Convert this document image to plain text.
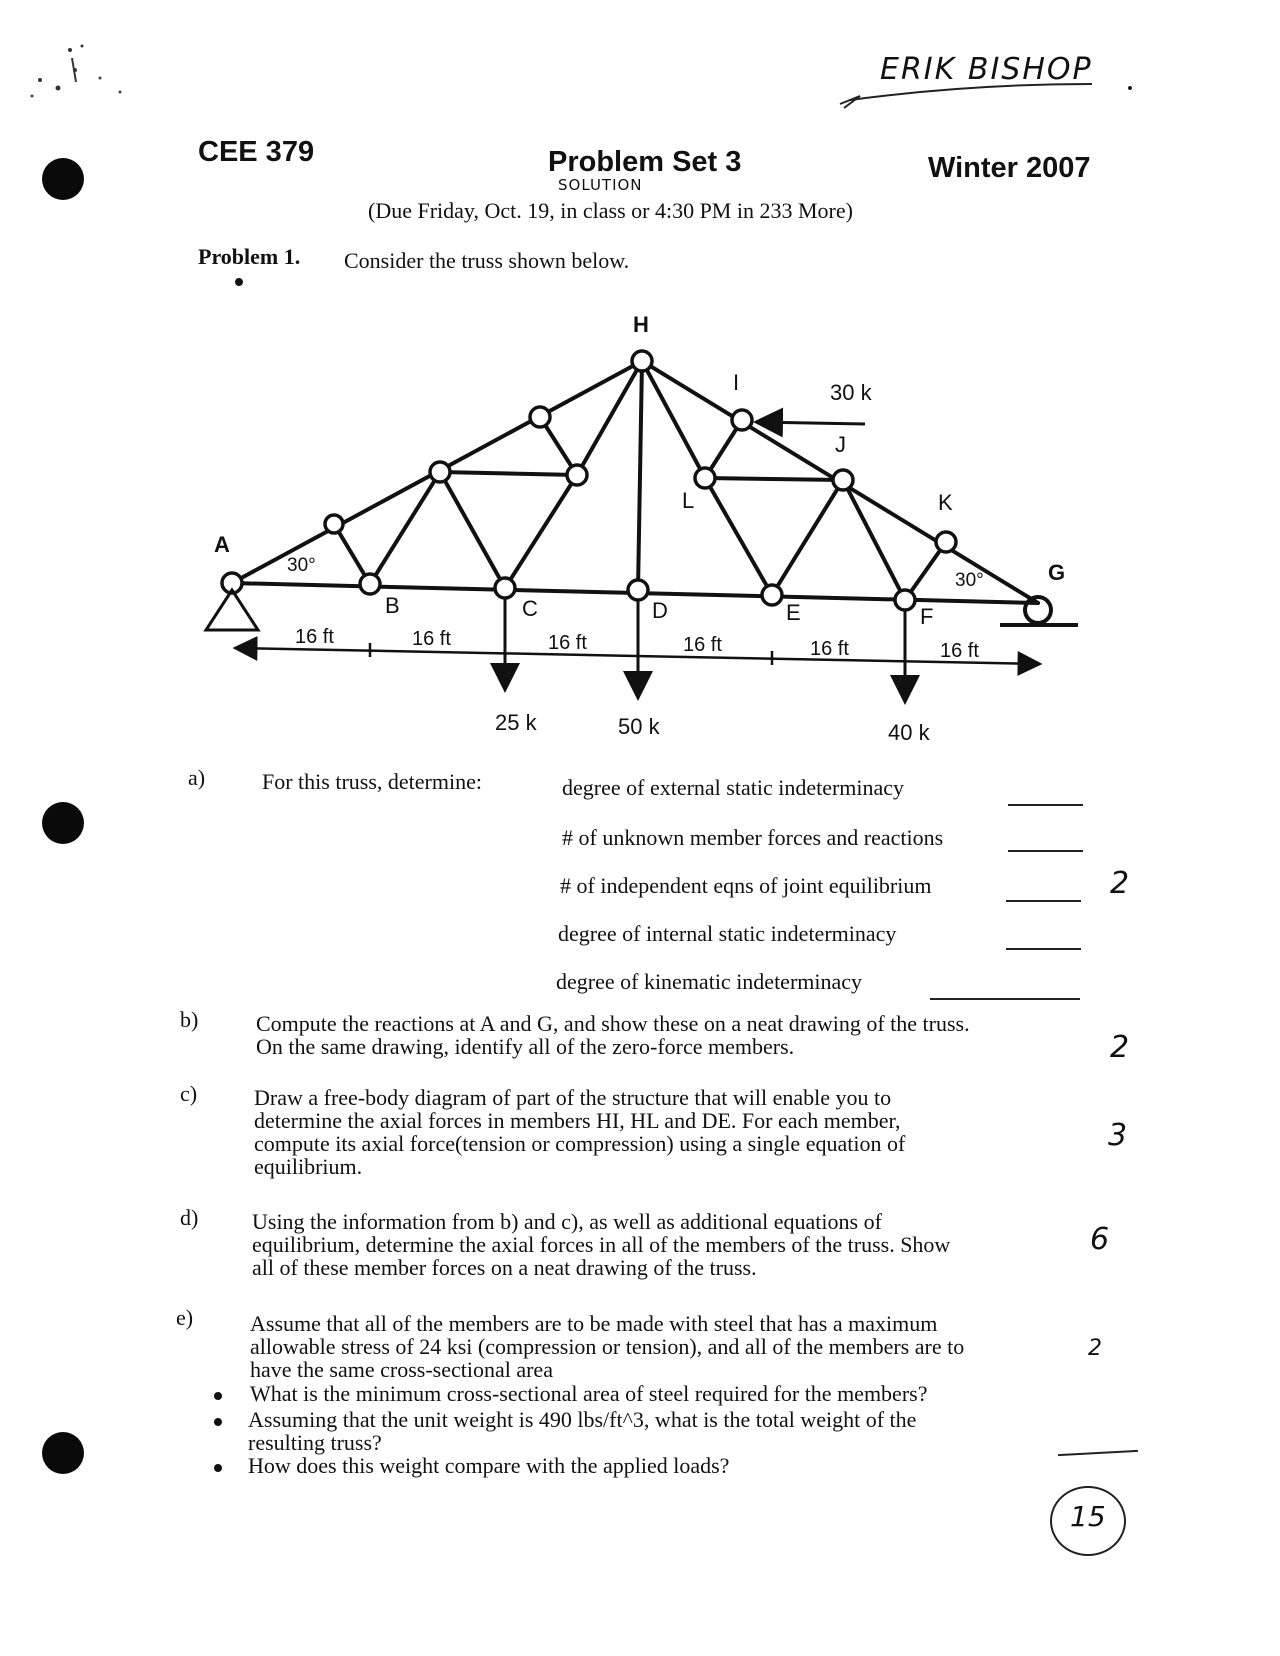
ERIK BISHOP
CEE 379	Problem Set 3
SOLUTION
Winter 2007
(Due Friday, Oct. 19, in class or 4:30 PM in 233 More)
Problem 1. Consider the truss shown below.
H
I
J
K
L
A
B	C	D	E	F
G
30°
30°
30 k
16 ft	16 ft	16 ft	16 ft	16 ft	16 ft
25 k	50 k	40 k
a)	For this truss, determine:	degree of external static indeterminacy
# of unknown member forces and reactions
# of independent eqns of joint equilibrium	2
degree of internal static indeterminacy
degree of kinematic indeterminacy
b)	Compute the reactions at A and G, and show these on a neat drawing of the truss.
On the same drawing, identify all of the zero-force members.	2
c)	Draw a free-body diagram of part of the structure that will enable you to
determine the axial forces in members HI, HL and DE. For each member,
compute its axial force(tension or compression) using a single equation of
equilibrium.
3
d) Using the information from b) and c), as well as additional equations of
equilibrium, determine the axial forces in all of the members of the truss. Show
all of these member forces on a neat drawing of the truss.
6
e)	Assume that all of the members are to be made with steel that has a maximum
allowable stress of 24 ksi (compression or tension), and all of the members are to
have the same cross-sectional area
2
What is the minimum cross-sectional area of steel required for the members?
Assuming that the unit weight is 490 lbs/ft^3, what is the total weight of the
resulting truss?
How does this weight compare with the applied loads?
15
